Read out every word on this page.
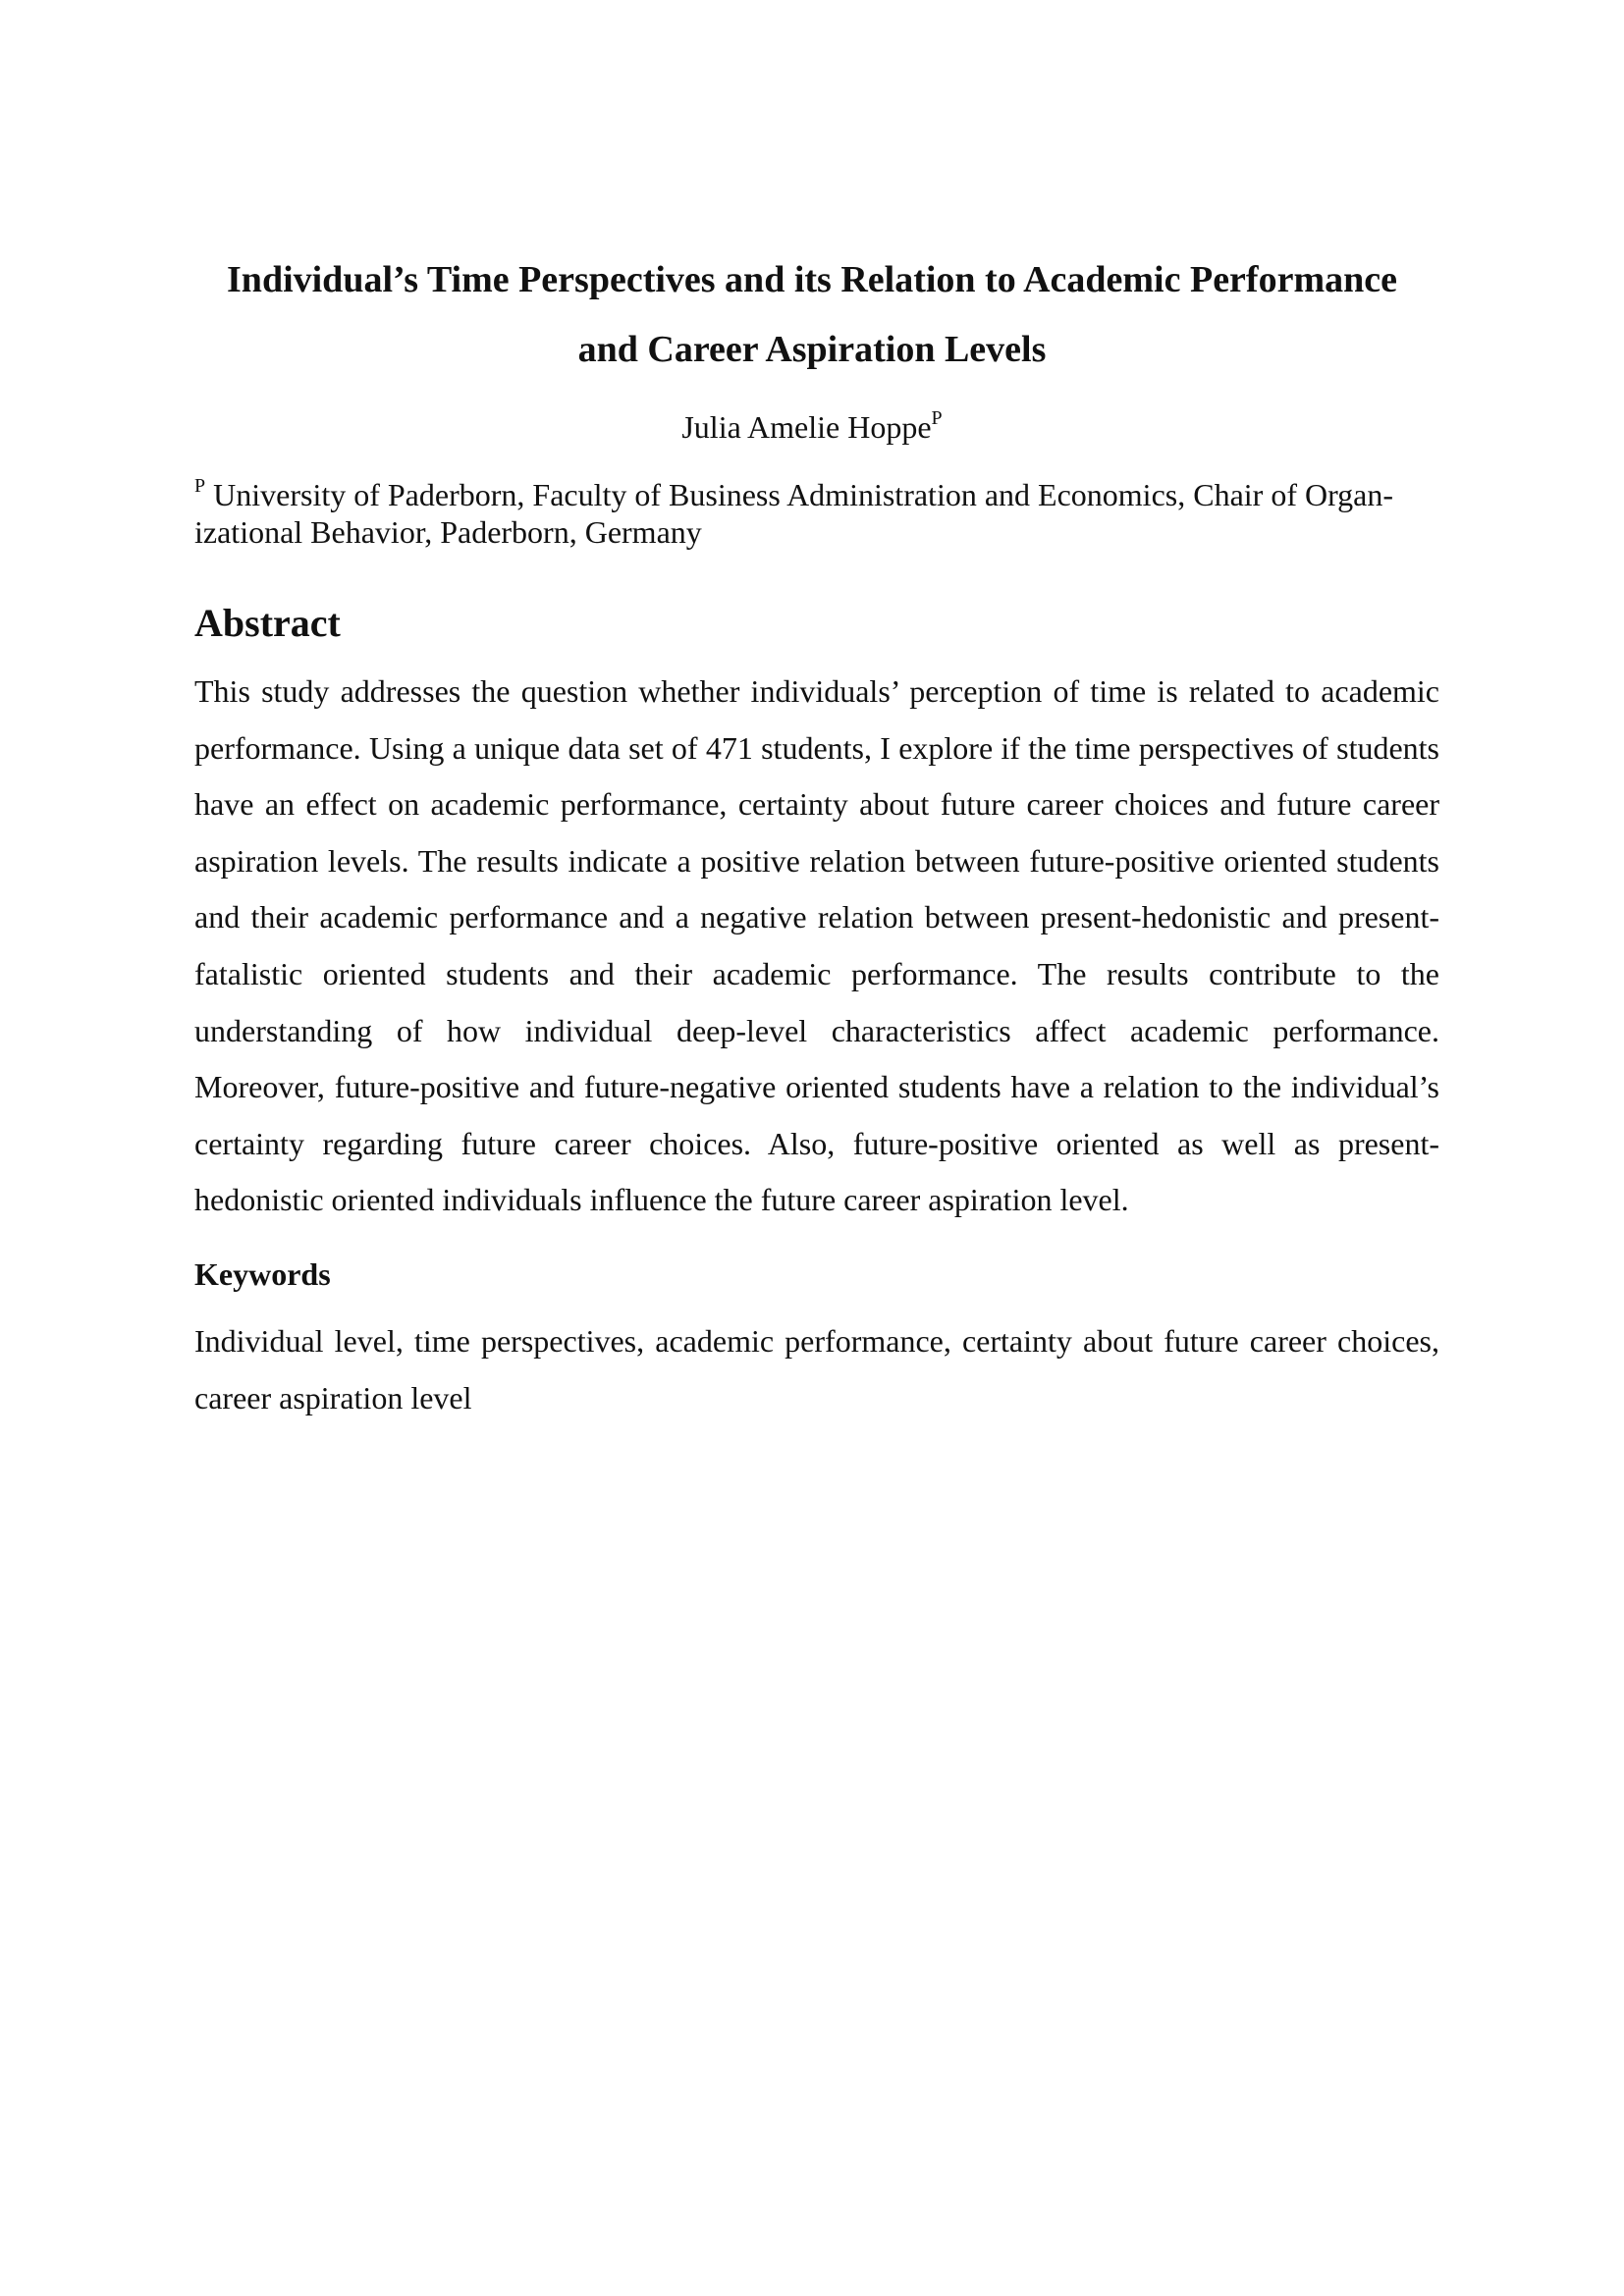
Individual’s Time Perspectives and its Relation to Academic Performance
and Career Aspiration Levels
Julia Amelie Hoppe$^P$

$^P$ University of Paderborn, Faculty of Business Administration and Economics, Chair of Organ-
izational Behavior, Paderborn, Germany

Abstract

This study addresses the question whether individuals’ perception of time is related to academic performance. Using a unique data set of 471 students, I explore if the time perspectives of students have an effect on academic performance, certainty about future career choices and future career aspiration levels. The results indicate a positive relation between future-positive oriented students and their academic performance and a negative relation between present-hedonistic and present-fatalistic oriented students and their academic performance. The results contribute to the understanding of how individual deep-level characteristics affect academic performance. Moreover, future-positive and future-negative oriented students have a relation to the individual’s certainty regarding future career choices. Also, future-positive oriented as well as present-hedonistic oriented individuals influence the future career aspiration level.

Keywords

Individual level, time perspectives, academic performance, certainty about future career choices, career aspiration level
